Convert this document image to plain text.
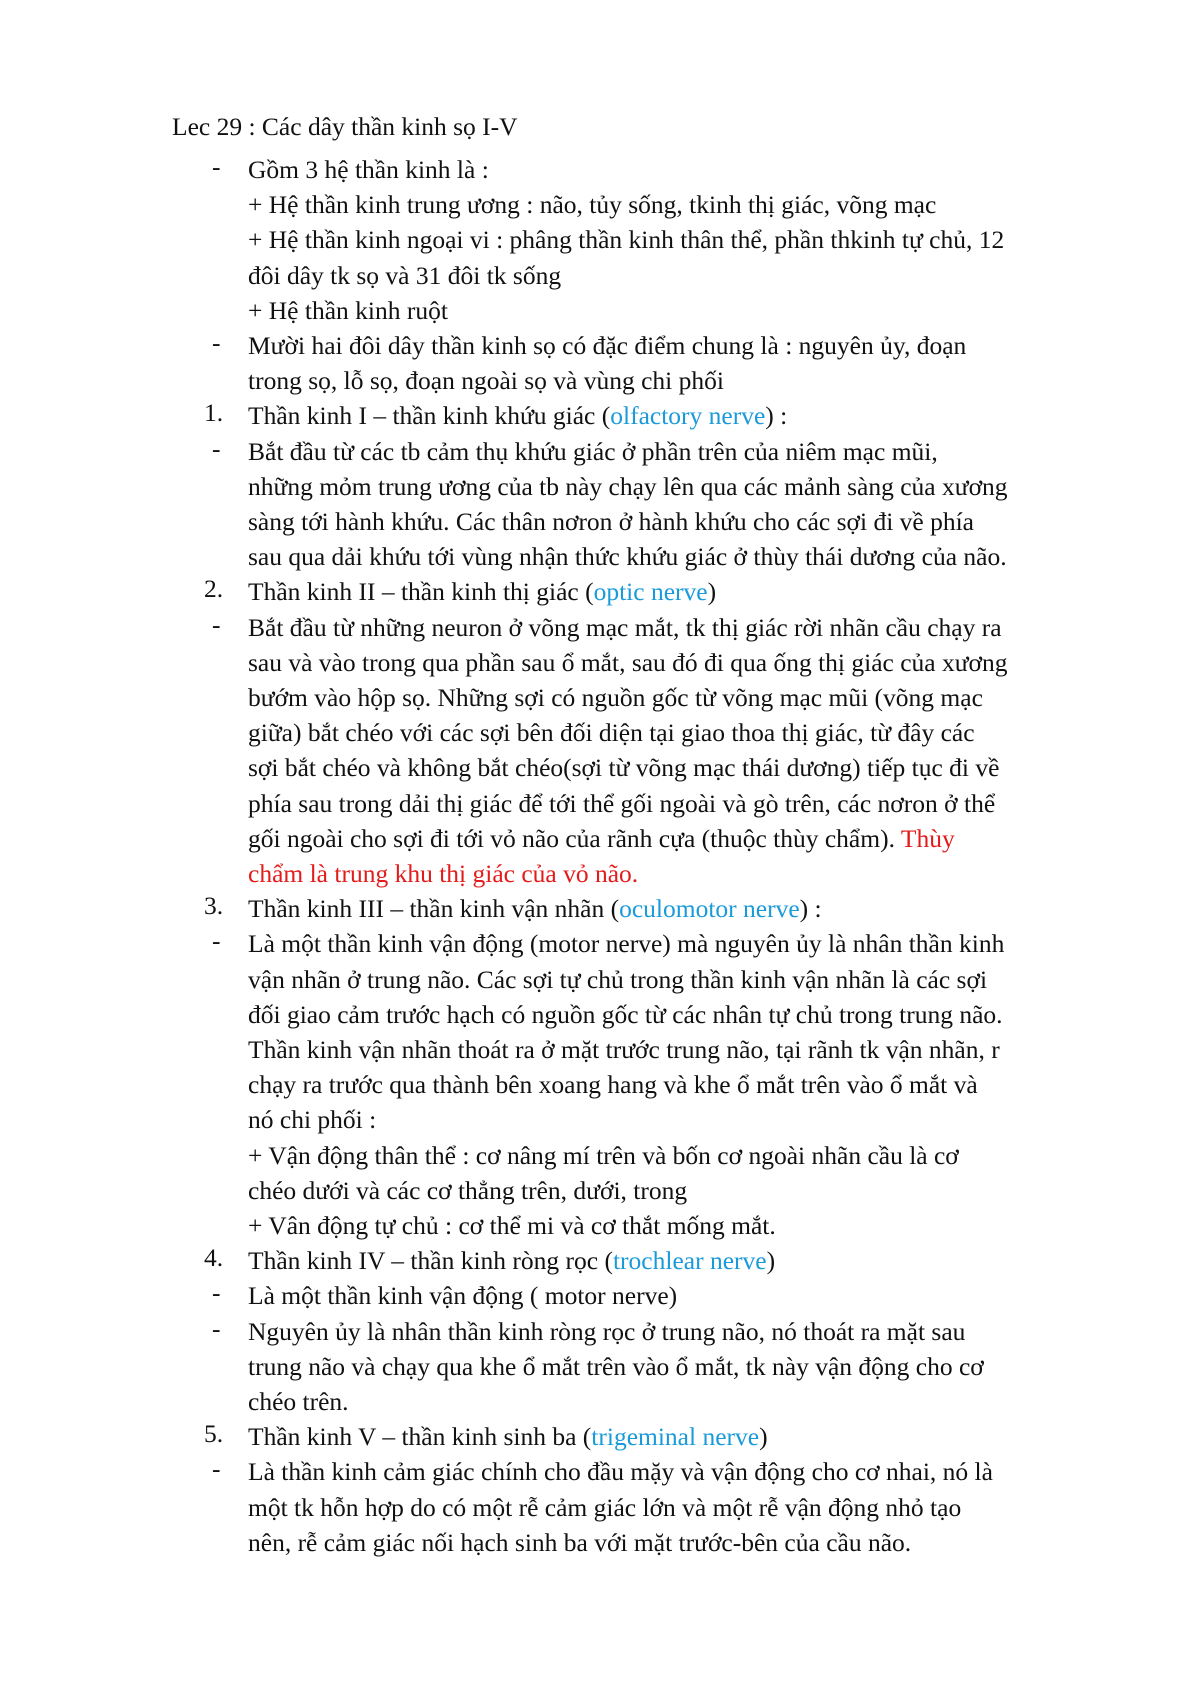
Lec 29 : Các dây thần kinh sọ I-V
- Gồm 3 hệ thần kinh là :
+ Hệ thần kinh trung ương : não, tủy sống, tkinh thị giác, võng mạc
+ Hệ thần kinh ngoại vi : phâng thần kinh thân thể, phần thkinh tự chủ, 12
đôi dây tk sọ và 31 đôi tk sống
+ Hệ thần kinh ruột
- Mười hai đôi dây thần kinh sọ có đặc điểm chung là : nguyên ủy, đoạn
trong sọ, lỗ sọ, đoạn ngoài sọ và vùng chi phối
1. Thần kinh I – thần kinh khứu giác (olfactory nerve) :
- Bắt đầu từ các tb cảm thụ khứu giác ở phần trên của niêm mạc mũi,
những mỏm trung ương của tb này chạy lên qua các mảnh sàng của xương
sàng tới hành khứu. Các thân nơron ở hành khứu cho các sợi đi về phía
sau qua dải khứu tới vùng nhận thức khứu giác ở thùy thái dương của não.
2. Thần kinh II – thần kinh thị giác (optic nerve)
- Bắt đầu từ những neuron ở võng mạc mắt, tk thị giác rời nhãn cầu chạy ra
sau và vào trong qua phần sau ổ mắt, sau đó đi qua ống thị giác của xương
bướm vào hộp sọ. Những sợi có nguồn gốc từ võng mạc mũi (võng mạc
giữa) bắt chéo với các sợi bên đối diện tại giao thoa thị giác, từ đây các
sợi bắt chéo và không bắt chéo(sợi từ võng mạc thái dương) tiếp tục đi về
phía sau trong dải thị giác để tới thể gối ngoài và gò trên, các nơron ở thể
gối ngoài cho sợi đi tới vỏ não của rãnh cựa (thuộc thùy chẩm). Thùy
chẩm là trung khu thị giác của vỏ não.
3. Thần kinh III – thần kinh vận nhãn (oculomotor nerve) :
- Là một thần kinh vận động (motor nerve) mà nguyên ủy là nhân thần kinh
vận nhãn ở trung não. Các sợi tự chủ trong thần kinh vận nhãn là các sợi
đối giao cảm trước hạch có nguồn gốc từ các nhân tự chủ trong trung não.
Thần kinh vận nhãn thoát ra ở mặt trước trung não, tại rãnh tk vận nhãn, r
chạy ra trước qua thành bên xoang hang và khe ổ mắt trên vào ổ mắt và
nó chi phối :
+ Vận động thân thể : cơ nâng mí trên và bốn cơ ngoài nhãn cầu là cơ
chéo dưới và các cơ thẳng trên, dưới, trong
+ Vân động tự chủ : cơ thể mi và cơ thắt mống mắt.
4. Thần kinh IV – thần kinh ròng rọc (trochlear nerve)
- Là một thần kinh vận động ( motor nerve)
- Nguyên ủy là nhân thần kinh ròng rọc ở trung não, nó thoát ra mặt sau
trung não và chạy qua khe ổ mắt trên vào ổ mắt, tk này vận động cho cơ
chéo trên.
5. Thần kinh V – thần kinh sinh ba (trigeminal nerve)
- Là thần kinh cảm giác chính cho đầu mặy và vận động cho cơ nhai, nó là
một tk hỗn hợp do có một rễ cảm giác lớn và một rễ vận động nhỏ tạo
nên, rễ cảm giác nối hạch sinh ba với mặt trước-bên của cầu não.
